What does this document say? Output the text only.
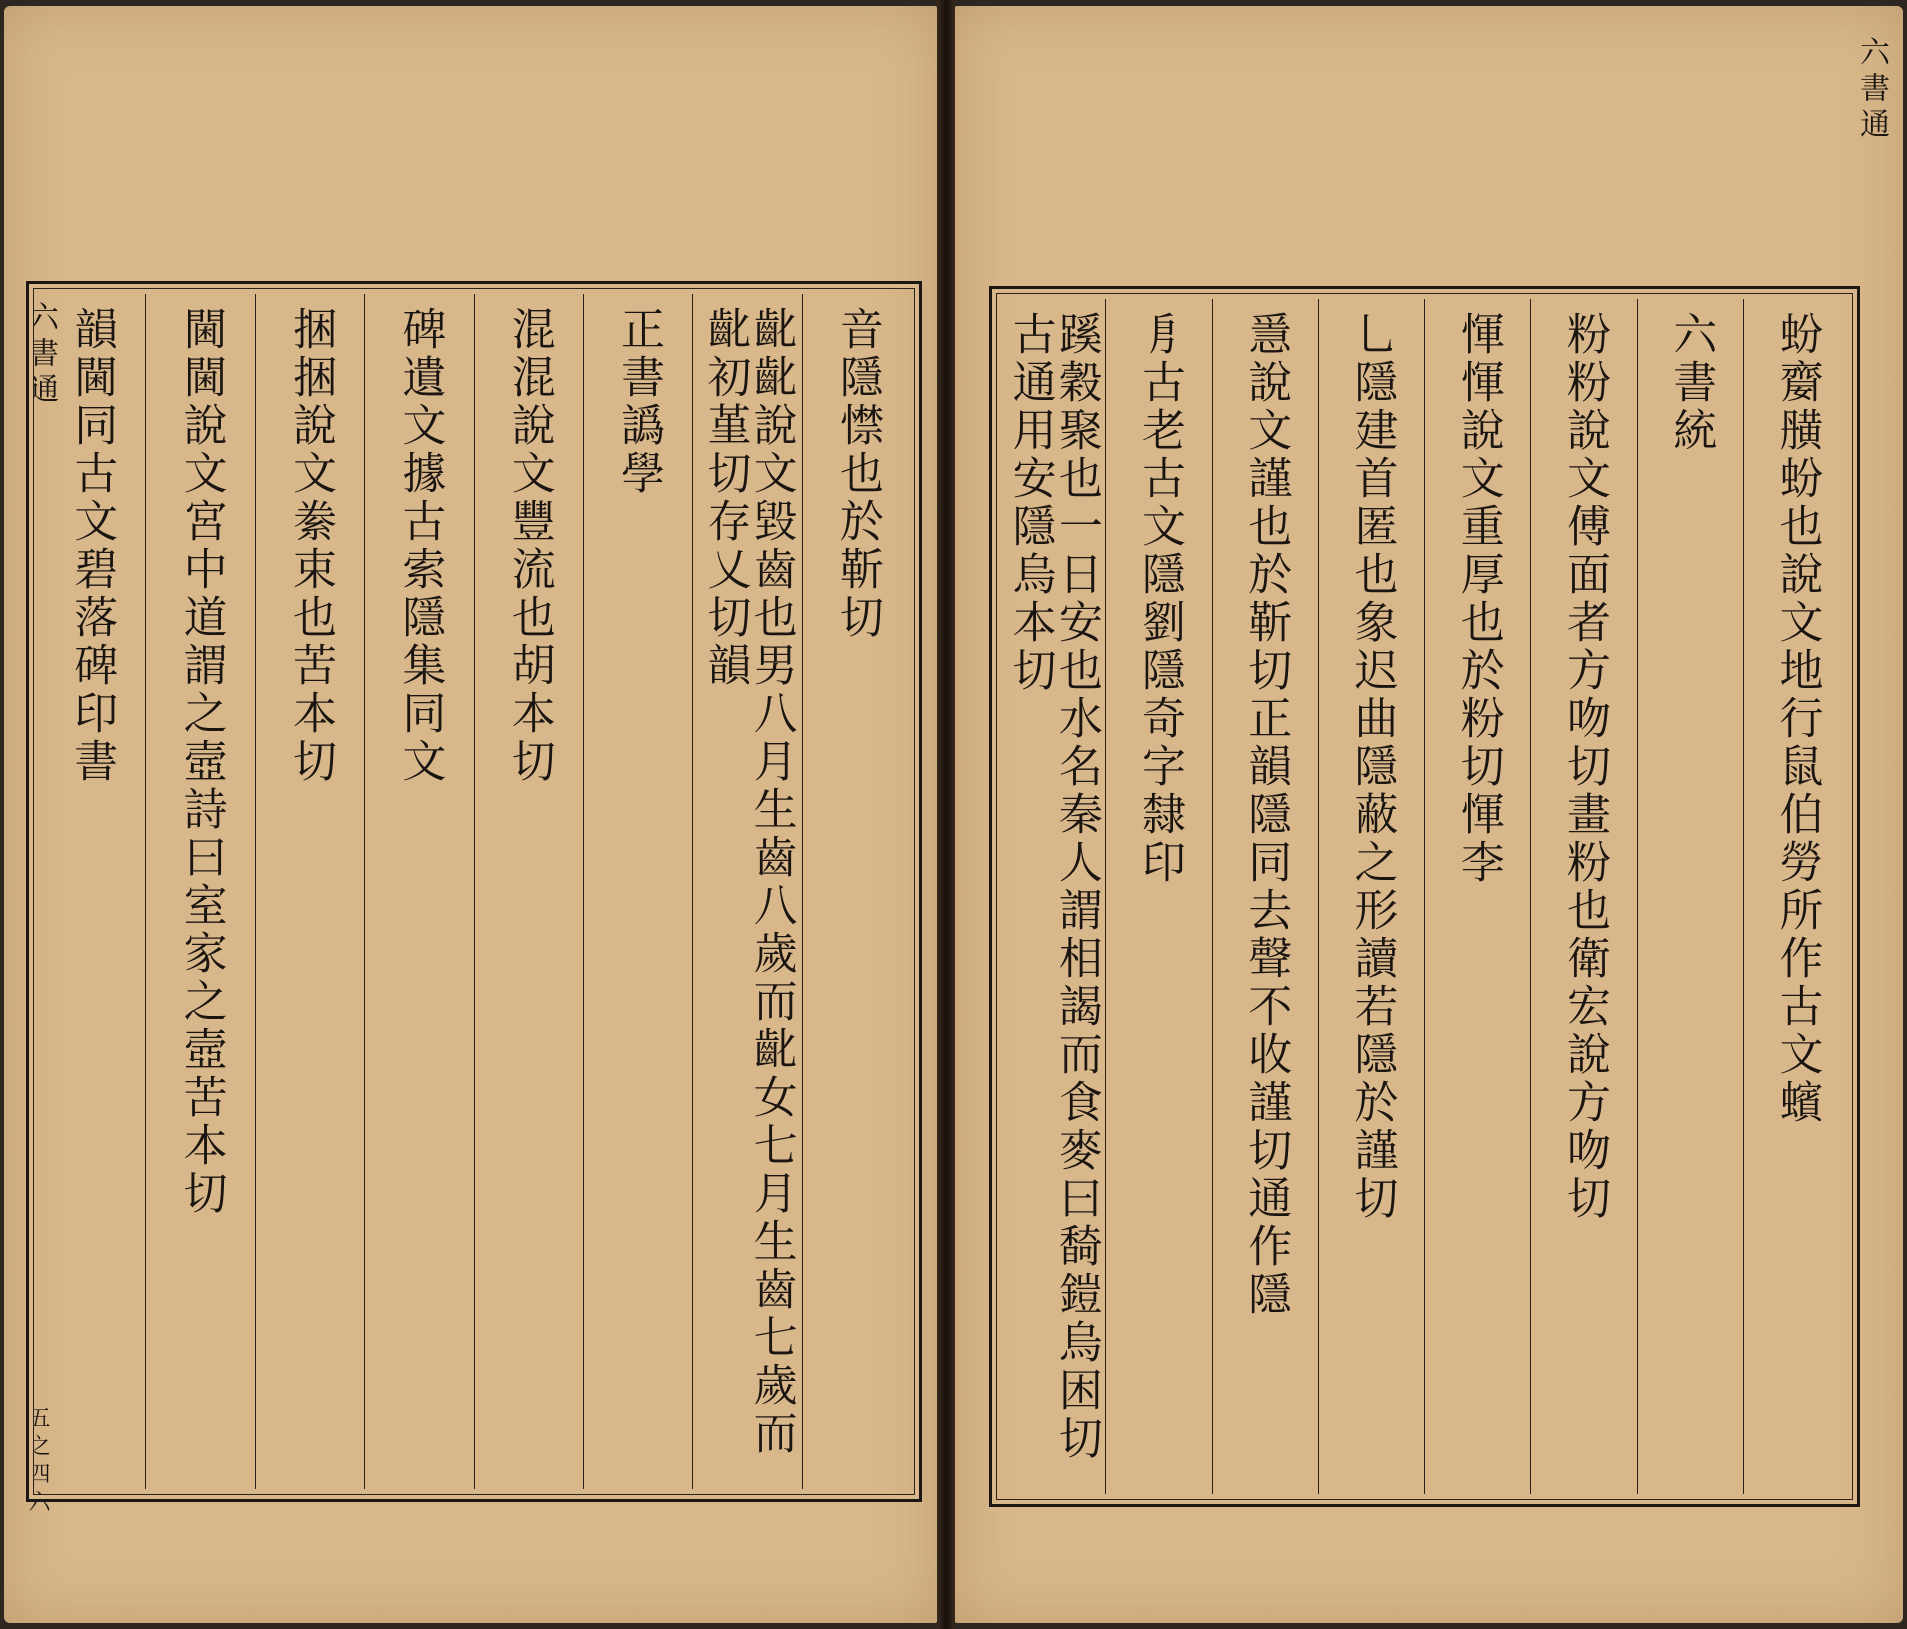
六書通
蚡䶒䵊蚡也說文地行鼠伯勞所作古文蠙
六書統
粉粉說文傅面者方吻切畫粉也衛宏說方吻切
惲惲說文重厚也於粉切惲李
乚隱建首匿也象迟曲隱蔽之形讀若隱於謹切
㥯說文謹也於靳切正韻隱同去聲不收謹切通作隱
㐆古老古文隱劉隱奇字隸印
蹊穀聚也一日安也水名秦人謂相謁而食麥曰䭲鎧烏困切古通用安隱烏本切
六書通
五之四六
音隱㦗也於靳切
齔齔說文毀齒也男八月生齒八歲而齔女七月生齒七歲而齔初堇切存乂切韻
正書譌學
混混說文豐流也胡本切
碑遺文據古索隱集同文
捆捆說文絭束也苦本切
閫閫說文宮中道謂之壼詩曰室家之壼苦本切
韻閫同古文碧落碑印書
